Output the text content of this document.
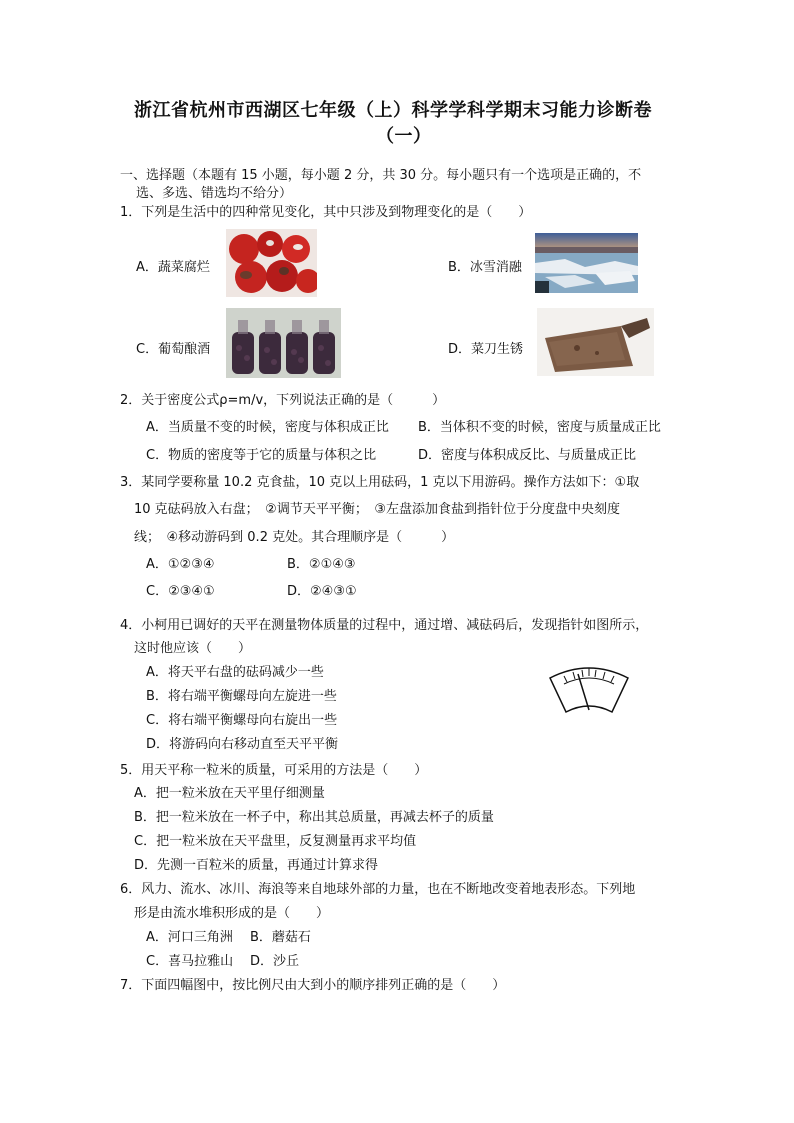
浙江省杭州市西湖区七年级（上）科学学科学期末习能力诊断卷
（一）
一、选择题（本题有 15 小题，每小题 2 分，共 30 分。每小题只有一个选项是正确的，不
选、多选、错选均不给分）
1．下列是生活中的四种常见变化，其中只涉及到物理变化的是（　　）
A．蔬菜腐烂	B．冰雪消融
C．葡萄酿酒	D．菜刀生锈
2．关于密度公式ρ=m/v，下列说法正确的是（　　　）
A．当质量不变的时候，密度与体积成正比 B．当体积不变的时候，密度与质量成正比
C．物质的密度等于它的质量与体积之比	D．密度与体积成反比、与质量成正比
3．某同学要称量 10.2 克食盐，10 克以上用砝码，1 克以下用游码。操作方法如下：①取
10 克砝码放入右盘；　②调节天平平衡；　③左盘添加食盐到指针位于分度盘中央刻度
线；　④移动游码到 0.2 克处。其合理顺序是（　　　）
A．①②③④	B．②①④③
C．②③④①	D．②④③①
4．小柯用已调好的天平在测量物体质量的过程中，通过增、减砝码后，发现指针如图所示，
这时他应该（　　）
A．将天平右盘的砝码减少一些
B．将右端平衡螺母向左旋进一些
C．将右端平衡螺母向右旋出一些
D．将游码向右移动直至天平平衡
5．用天平称一粒米的质量，可采用的方法是（　　）
A．把一粒米放在天平里仔细测量
B．把一粒米放在一杯子中，称出其总质量，再减去杯子的质量
C．把一粒米放在天平盘里，反复测量再求平均值
D．先测一百粒米的质量，再通过计算求得
6．风力、流水、冰川、海浪等来自地球外部的力量，也在不断地改变着地表形态。下列地
形是由流水堆积形成的是（　　）
A．河口三角洲 B．蘑菇石
C．喜马拉雅山 D．沙丘
7．下面四幅图中，按比例尺由大到小的顺序排列正确的是（　　）
